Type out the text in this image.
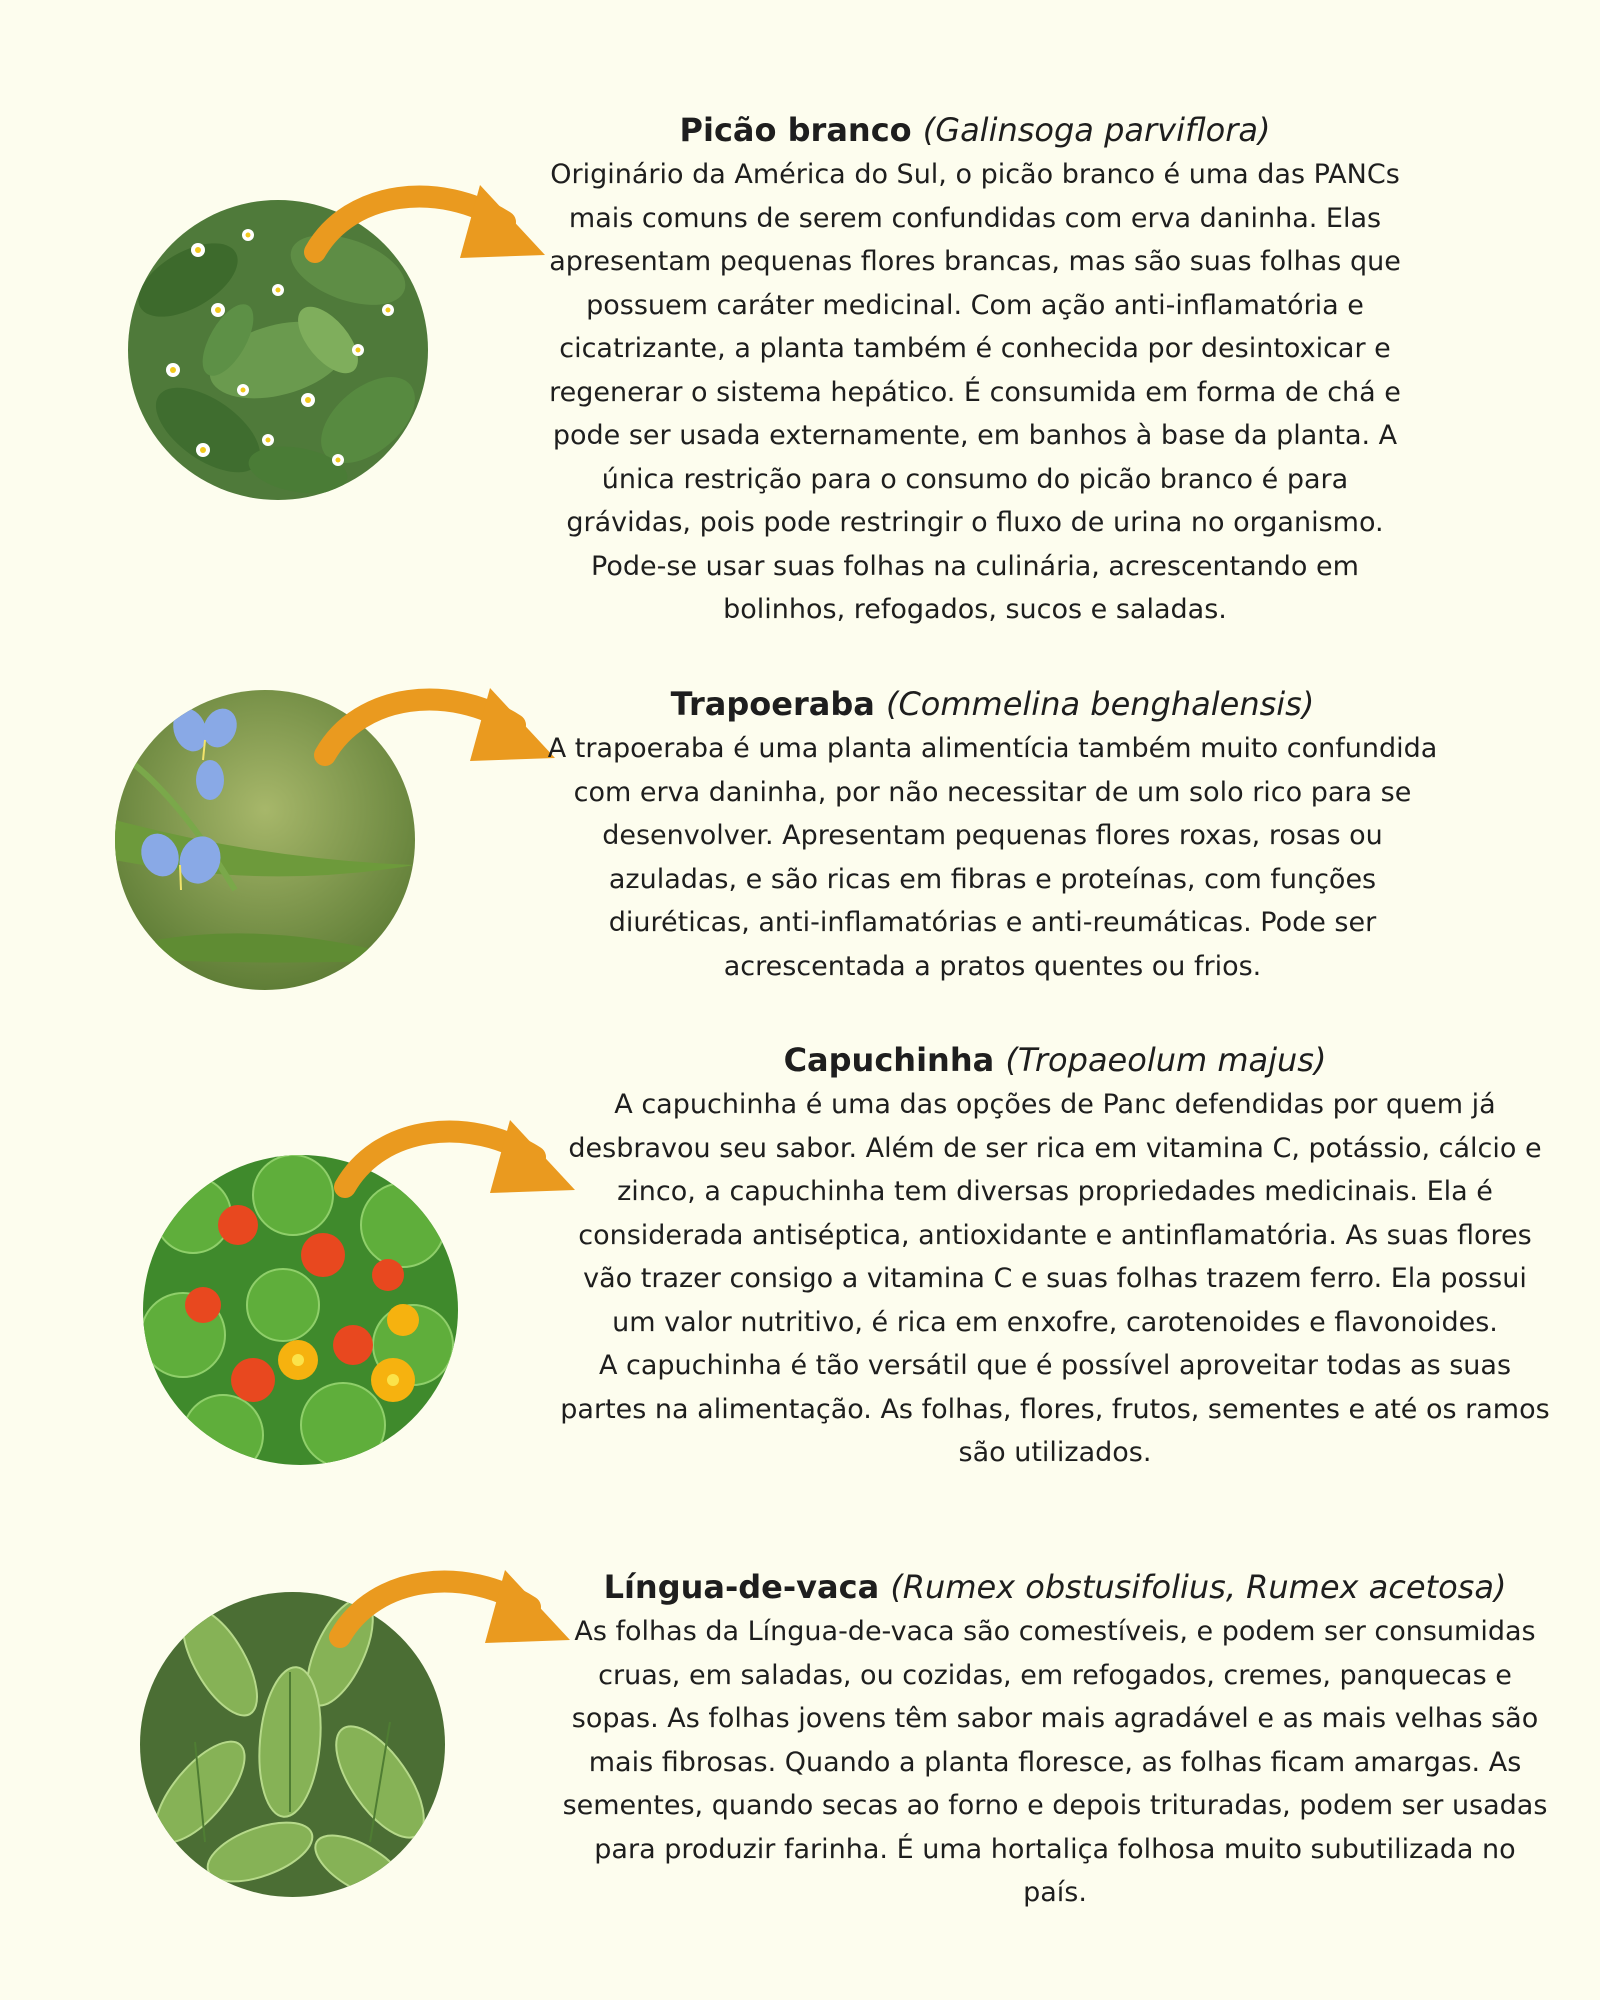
Picão branco (Galinsoga parviflora)

Originário da América do Sul, o picão branco é uma das PANCs mais comuns de serem confundidas com erva daninha. Elas apresentam pequenas flores brancas, mas são suas folhas que possuem caráter medicinal. Com ação anti-inflamatória e cicatrizante, a planta também é conhecida por desintoxicar e regenerar o sistema hepático. É consumida em forma de chá e pode ser usada externamente, em banhos à base da planta. A única restrição para o consumo do picão branco é para grávidas, pois pode restringir o fluxo de urina no organismo. Pode-se usar suas folhas na culinária, acrescentando em bolinhos, refogados, sucos e saladas.

Trapoeraba (Commelina benghalensis)

A trapoeraba é uma planta alimentícia também muito confundida com erva daninha, por não necessitar de um solo rico para se desenvolver. Apresentam pequenas flores roxas, rosas ou azuladas, e são ricas em fibras e proteínas, com funções diuréticas, anti-inflamatórias e anti-reumáticas. Pode ser acrescentada a pratos quentes ou frios.

Capuchinha (Tropaeolum majus)

A capuchinha é uma das opções de Panc defendidas por quem já desbravou seu sabor. Além de ser rica em vitamina C, potássio, cálcio e zinco, a capuchinha tem diversas propriedades medicinais. Ela é considerada antiséptica, antioxidante e antinflamatória. As suas flores vão trazer consigo a vitamina C e suas folhas trazem ferro. Ela possui um valor nutritivo, é rica em enxofre, carotenoides e flavonoides.

A capuchinha é tão versátil que é possível aproveitar todas as suas partes na alimentação. As folhas, flores, frutos, sementes e até os ramos são utilizados.

Língua-de-vaca (Rumex obstusifolius, Rumex acetosa)

As folhas da Língua-de-vaca são comestíveis, e podem ser consumidas cruas, em saladas, ou cozidas, em refogados, cremes, panquecas e sopas. As folhas jovens têm sabor mais agradável e as mais velhas são mais fibrosas. Quando a planta floresce, as folhas ficam amargas. As sementes, quando secas ao forno e depois trituradas, podem ser usadas para produzir farinha. É uma hortaliça folhosa muito subutilizada no país.
